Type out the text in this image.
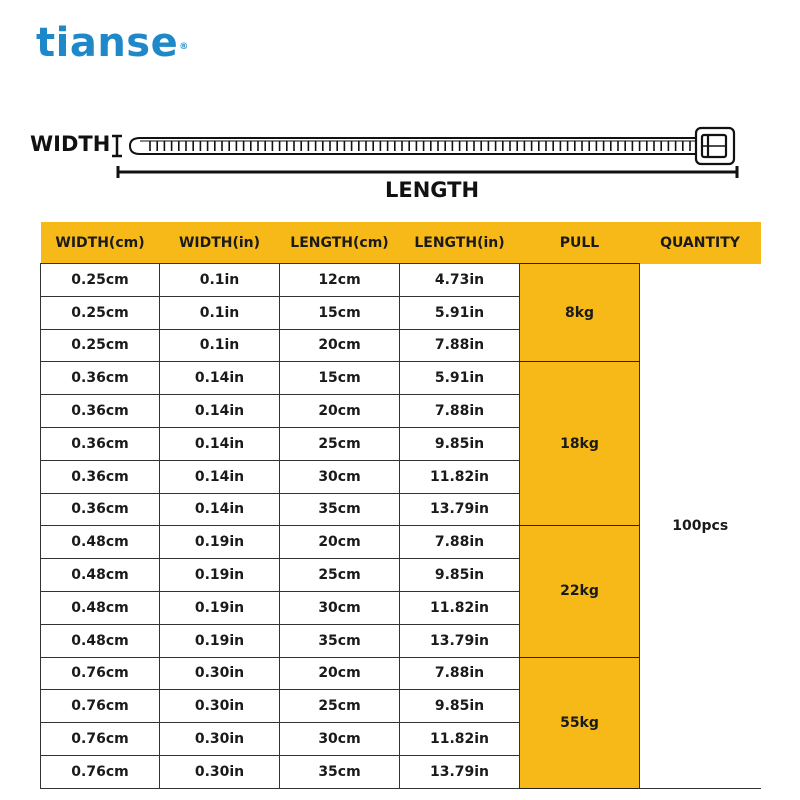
tianse®
WIDTH
LENGTH
WIDTH(cm)	WIDTH(in)	LENGTH(cm)	LENGTH(in)	PULL	QUANTITY
0.25cm	0.1in	12cm	4.73in	8kg	100pcs
0.25cm	0.1in	15cm	5.91in		
0.25cm	0.1in	20cm	7.88in		
0.36cm	0.14in	15cm	5.91in	18kg	
0.36cm	0.14in	20cm	7.88in		
0.36cm	0.14in	25cm	9.85in		
0.36cm	0.14in	30cm	11.82in		
0.36cm	0.14in	35cm	13.79in		
0.48cm	0.19in	20cm	7.88in	22kg	
0.48cm	0.19in	25cm	9.85in		
0.48cm	0.19in	30cm	11.82in		
0.48cm	0.19in	35cm	13.79in		
0.76cm	0.30in	20cm	7.88in	55kg	
0.76cm	0.30in	25cm	9.85in		
0.76cm	0.30in	30cm	11.82in		
0.76cm	0.30in	35cm	13.79in		
